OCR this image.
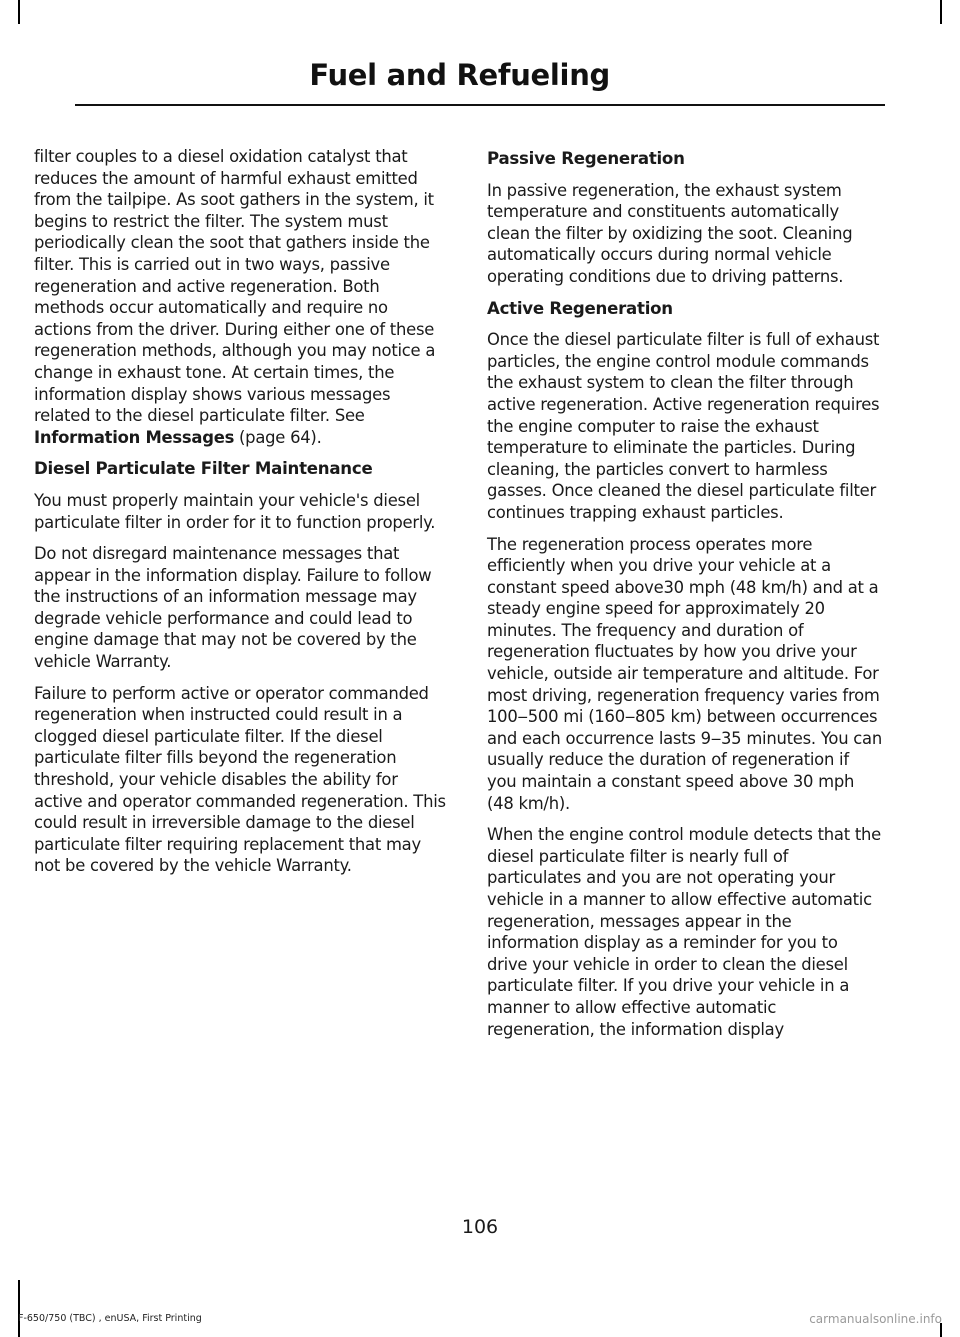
Fuel and Refueling

filter couples to a diesel oxidation catalyst that reduces the amount of harmful exhaust emitted from the tailpipe. As soot gathers in the system, it begins to restrict the filter. The system must periodically clean the soot that gathers inside the filter. This is carried out in two ways, passive regeneration and active regeneration. Both methods occur automatically and require no actions from the driver. During either one of these regeneration methods, although you may notice a change in exhaust tone. At certain times, the information display shows various messages related to the diesel particulate filter. See Information Messages (page 64).

Diesel Particulate Filter Maintenance

You must properly maintain your vehicle's diesel particulate filter in order for it to function properly.

Do not disregard maintenance messages that appear in the information display. Failure to follow the instructions of an information message may degrade vehicle performance and could lead to engine damage that may not be covered by the vehicle Warranty.

Failure to perform active or operator commanded regeneration when instructed could result in a clogged diesel particulate filter. If the diesel particulate filter fills beyond the regeneration threshold, your vehicle disables the ability for active and operator commanded regeneration. This could result in irreversible damage to the diesel particulate filter requiring replacement that may not be covered by the vehicle Warranty.

Passive Regeneration

In passive regeneration, the exhaust system temperature and constituents automatically clean the filter by oxidizing the soot. Cleaning automatically occurs during normal vehicle operating conditions due to driving patterns.

Active Regeneration

Once the diesel particulate filter is full of exhaust particles, the engine control module commands the exhaust system to clean the filter through active regeneration. Active regeneration requires the engine computer to raise the exhaust temperature to eliminate the particles. During cleaning, the particles convert to harmless gasses. Once cleaned the diesel particulate filter continues trapping exhaust particles.

The regeneration process operates more efficiently when you drive your vehicle at a constant speed above30 mph (48 km/h) and at a steady engine speed for approximately 20 minutes. The frequency and duration of regeneration fluctuates by how you drive your vehicle, outside air temperature and altitude. For most driving, regeneration frequency varies from 100‒500 mi (160‒805 km) between occurrences and each occurrence lasts 9‒35 minutes. You can usually reduce the duration of regeneration if you maintain a constant speed above 30 mph (48 km/h).

When the engine control module detects that the diesel particulate filter is nearly full of particulates and you are not operating your vehicle in a manner to allow effective automatic regeneration, messages appear in the information display as a reminder for you to drive your vehicle in order to clean the diesel particulate filter. If you drive your vehicle in a manner to allow effective automatic regeneration, the information display

106
F-650/750 (TBC) , enUSA, First Printing	carmanualsonline.info
